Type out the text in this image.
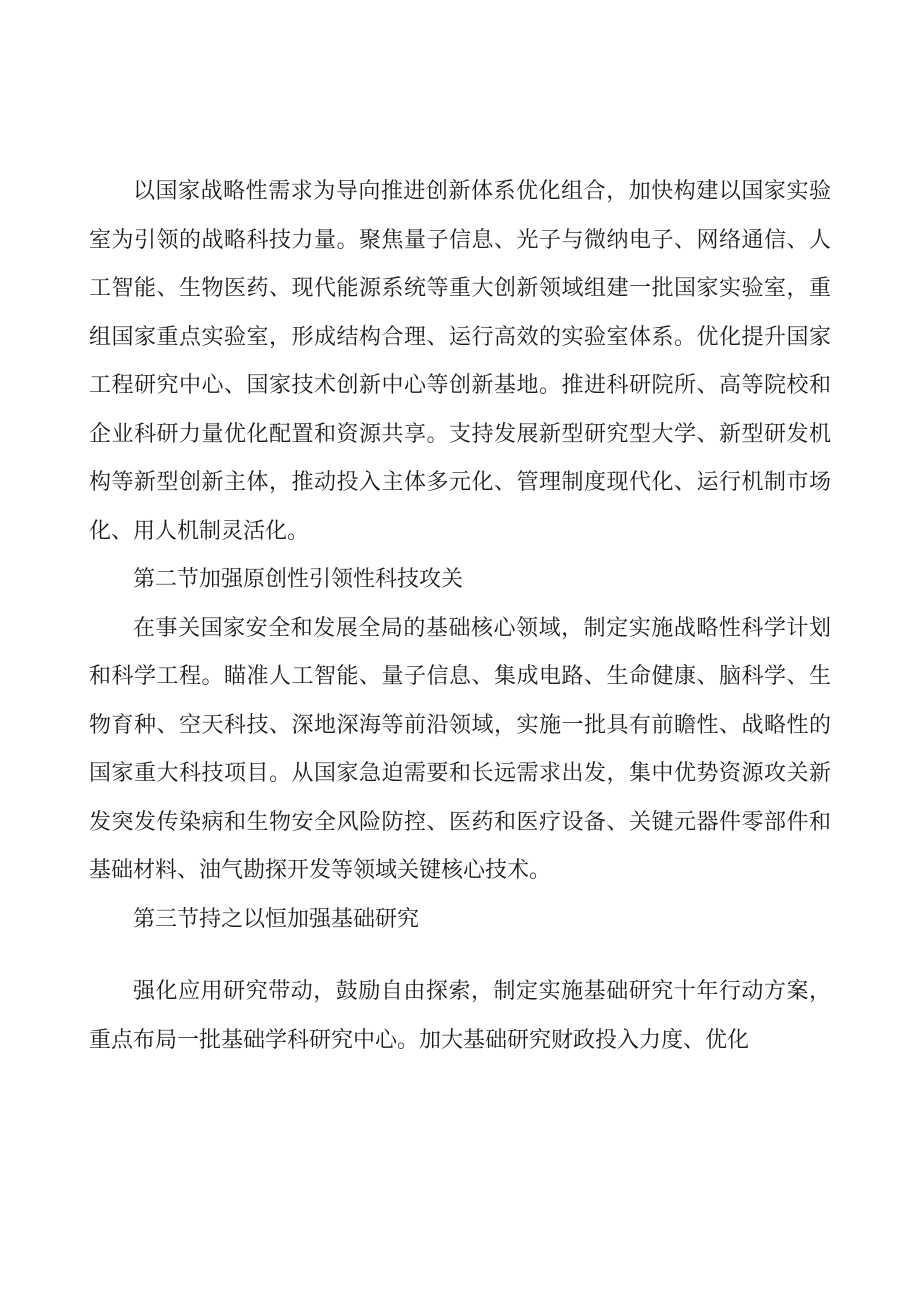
以国家战略性需求为导向推进创新体系优化组合，加快构建以国家实验室为引领的战略科技力量。聚焦量子信息、光子与微纳电子、网络通信、人工智能、生物医药、现代能源系统等重大创新领域组建一批国家实验室，重组国家重点实验室，形成结构合理、运行高效的实验室体系。优化提升国家工程研究中心、国家技术创新中心等创新基地。推进科研院所、高等院校和企业科研力量优化配置和资源共享。支持发展新型研究型大学、新型研发机构等新型创新主体，推动投入主体多元化、管理制度现代化、运行机制市场化、用人机制灵活化。

第二节加强原创性引领性科技攻关

在事关国家安全和发展全局的基础核心领域，制定实施战略性科学计划和科学工程。瞄准人工智能、量子信息、集成电路、生命健康、脑科学、生物育种、空天科技、深地深海等前沿领域，实施一批具有前瞻性、战略性的国家重大科技项目。从国家急迫需要和长远需求出发，集中优势资源攻关新发突发传染病和生物安全风险防控、医药和医疗设备、关键元器件零部件和基础材料、油气勘探开发等领域关键核心技术。

第三节持之以恒加强基础研究

强化应用研究带动，鼓励自由探索，制定实施基础研究十年行动方案，重点布局一批基础学科研究中心。加大基础研究财政投入力度、优化
